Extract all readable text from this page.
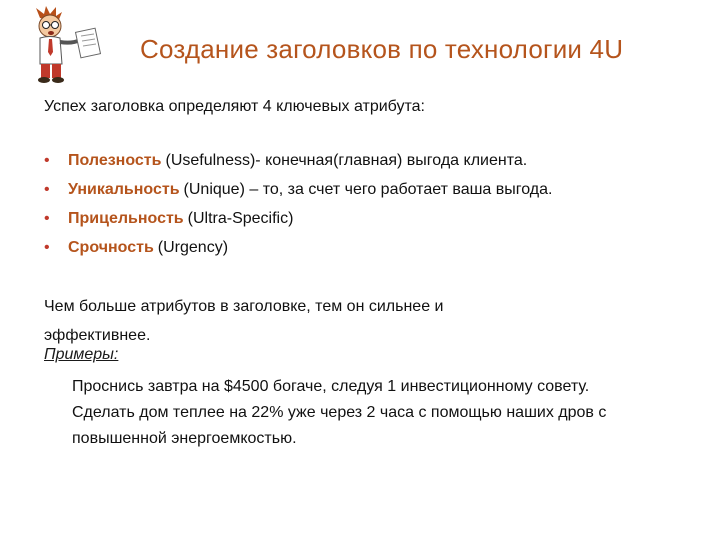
Создание заголовков по технологии 4U
Успех заголовка определяют 4 ключевых атрибута:
•	Полезность (Usefulness)- конечная(главная) выгода клиента.
•	Уникальность (Unique) – то, за счет чего работает ваша выгода.
•	Прицельность (Ultra-Specific)
•	Срочность (Urgency)
Чем больше атрибутов в заголовке, тем он сильнее и
эффективнее.
Примеры:
Проснись завтра на $4500 богаче, следуя 1 инвестиционному совету.
Сделать дом теплее на 22% уже через 2 часа с помощью наших дров с
повышенной энергоемкостью.
